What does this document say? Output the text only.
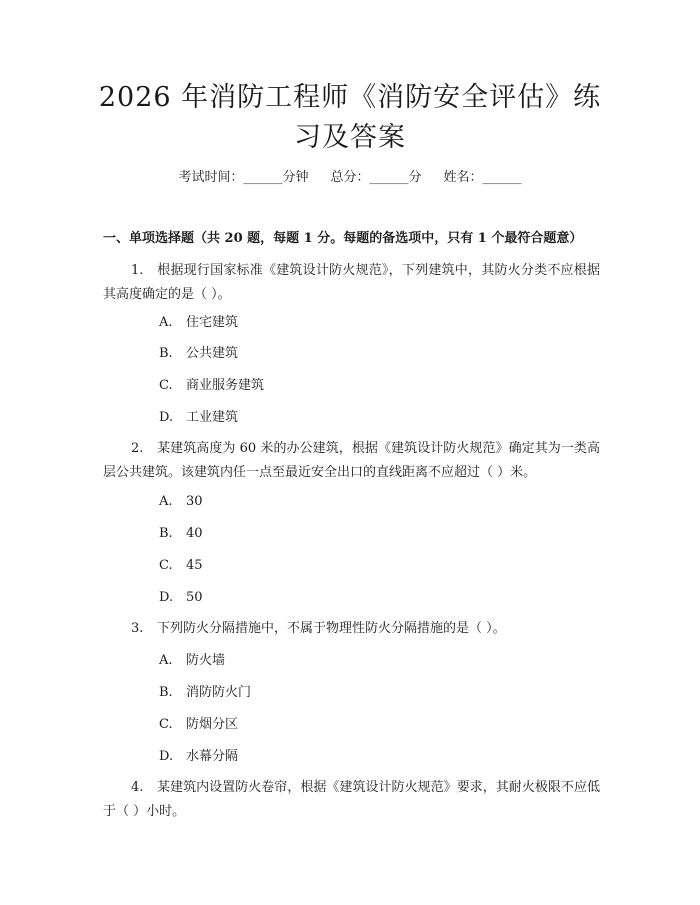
2026 年消防工程师《消防安全评估》练习及答案
考试时间：______分钟 总分：______分 姓名：______
一、单项选择题（共 20 题，每题 1 分。每题的备选项中，只有 1 个最符合题意）
1. 根据现行国家标准《建筑设计防火规范》，下列建筑中，其防火分类不应根据其高度确定的是（ ）。
A. 住宅建筑
B. 公共建筑
C. 商业服务建筑
D. 工业建筑
2. 某建筑高度为 60 米的办公建筑，根据《建筑设计防火规范》确定其为一类高层公共建筑。该建筑内任一点至最近安全出口的直线距离不应超过（ ）米。
A. 30
B. 40
C. 45
D. 50
3. 下列防火分隔措施中，不属于物理性防火分隔措施的是（ ）。
A. 防火墙
B. 消防防火门
C. 防烟分区
D. 水幕分隔
4. 某建筑内设置防火卷帘，根据《建筑设计防火规范》要求，其耐火极限不应低于（ ）小时。
